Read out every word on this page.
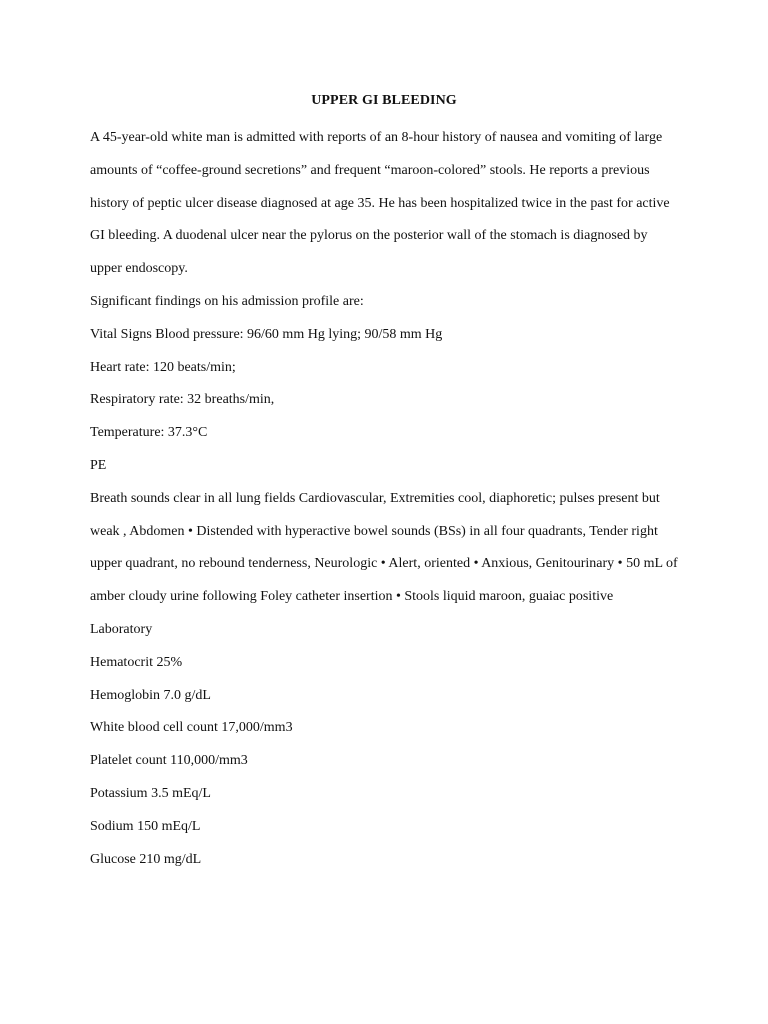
UPPER GI BLEEDING

A 45-year-old white man is admitted with reports of an 8-hour history of nausea and vomiting of large amounts of “coffee-ground secretions” and frequent “maroon-colored” stools. He reports a previous history of peptic ulcer disease diagnosed at age 35. He has been hospitalized twice in the past for active GI bleeding. A duodenal ulcer near the pylorus on the posterior wall of the stomach is diagnosed by upper endoscopy.

Significant findings on his admission profile are:

Vital Signs Blood pressure: 96/60 mm Hg lying; 90/58 mm Hg

Heart rate: 120 beats/min;

Respiratory rate: 32 breaths/min,

Temperature: 37.3°C

PE

Breath sounds clear in all lung fields Cardiovascular, Extremities cool, diaphoretic; pulses present but weak , Abdomen • Distended with hyperactive bowel sounds (BSs) in all four quadrants, Tender right upper quadrant, no rebound tenderness, Neurologic • Alert, oriented • Anxious, Genitourinary • 50 mL of amber cloudy urine following Foley catheter insertion • Stools liquid maroon, guaiac positive

Laboratory

Hematocrit 25%

Hemoglobin 7.0 g/dL

White blood cell count 17,000/mm3

Platelet count 110,000/mm3

Potassium 3.5 mEq/L

Sodium 150 mEq/L

Glucose 210 mg/dL
